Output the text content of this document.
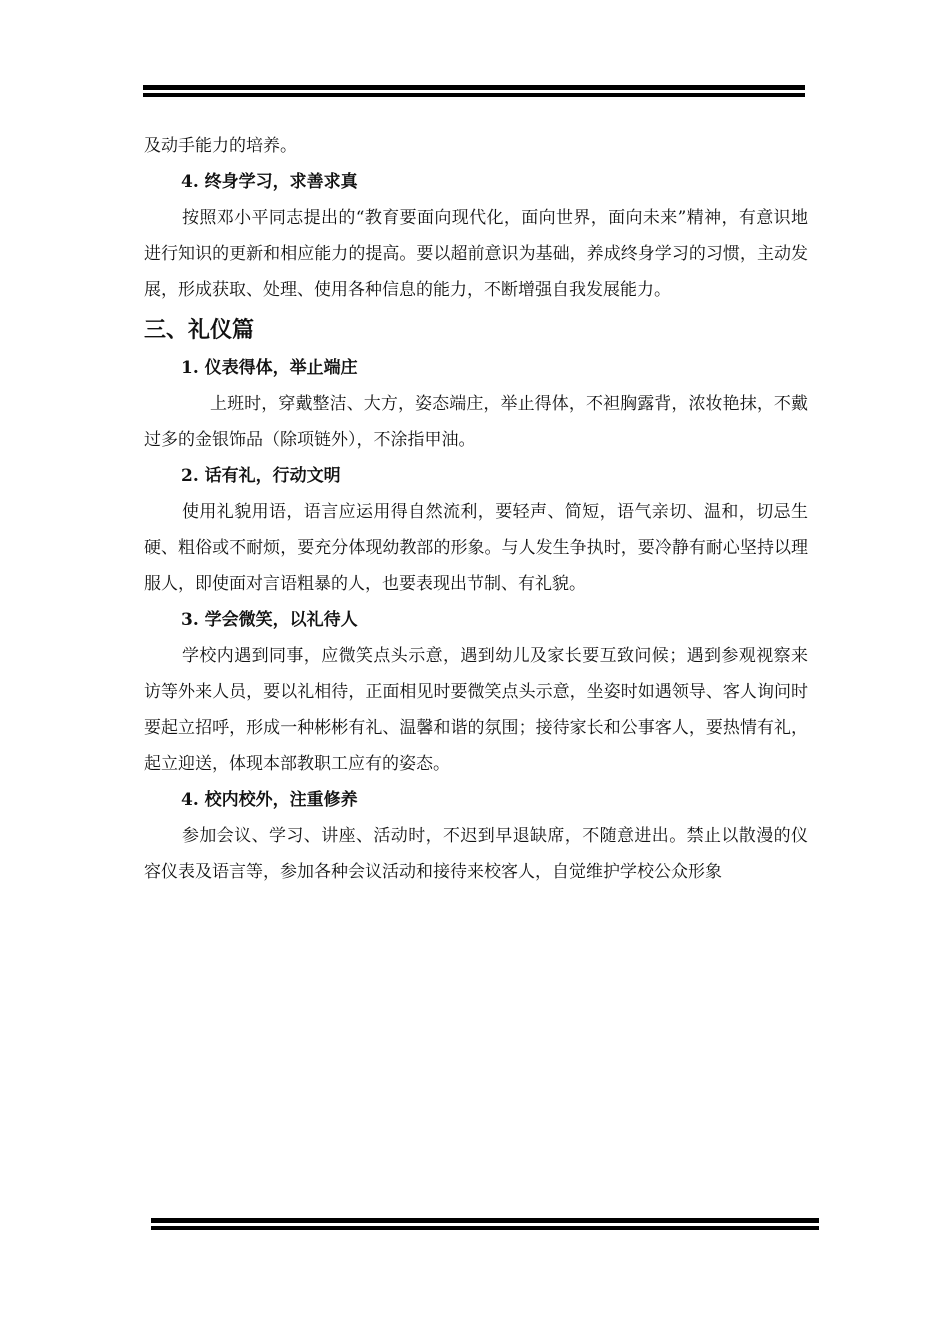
及动手能力的培养。

4. 终身学习，求善求真

按照邓小平同志提出的“教育要面向现代化，面向世界，面向未来”精神，有意识地进行知识的更新和相应能力的提高。要以超前意识为基础，养成终身学习的习惯，主动发展，形成获取、处理、使用各种信息的能力，不断增强自我发展能力。

三、礼仪篇

1. 仪表得体，举止端庄

上班时，穿戴整洁、大方，姿态端庄，举止得体，不袒胸露背，浓妆艳抹，不戴过多的金银饰品（除项链外），不涂指甲油。

2. 话有礼，行动文明

使用礼貌用语，语言应运用得自然流利，要轻声、简短，语气亲切、温和，切忌生硬、粗俗或不耐烦，要充分体现幼教部的形象。与人发生争执时，要冷静有耐心坚持以理服人，即使面对言语粗暴的人，也要表现出节制、有礼貌。

3. 学会微笑，以礼待人

学校内遇到同事，应微笑点头示意，遇到幼儿及家长要互致问候；遇到参观视察来访等外来人员，要以礼相待，正面相见时要微笑点头示意，坐姿时如遇领导、客人询问时要起立招呼，形成一种彬彬有礼、温馨和谐的氛围；接待家长和公事客人，要热情有礼，起立迎送，体现本部教职工应有的姿态。

4. 校内校外，注重修养

参加会议、学习、讲座、活动时，不迟到早退缺席，不随意进出。禁止以散漫的仪容仪表及语言等，参加各种会议活动和接待来校客人，自觉维护学校公众形象
